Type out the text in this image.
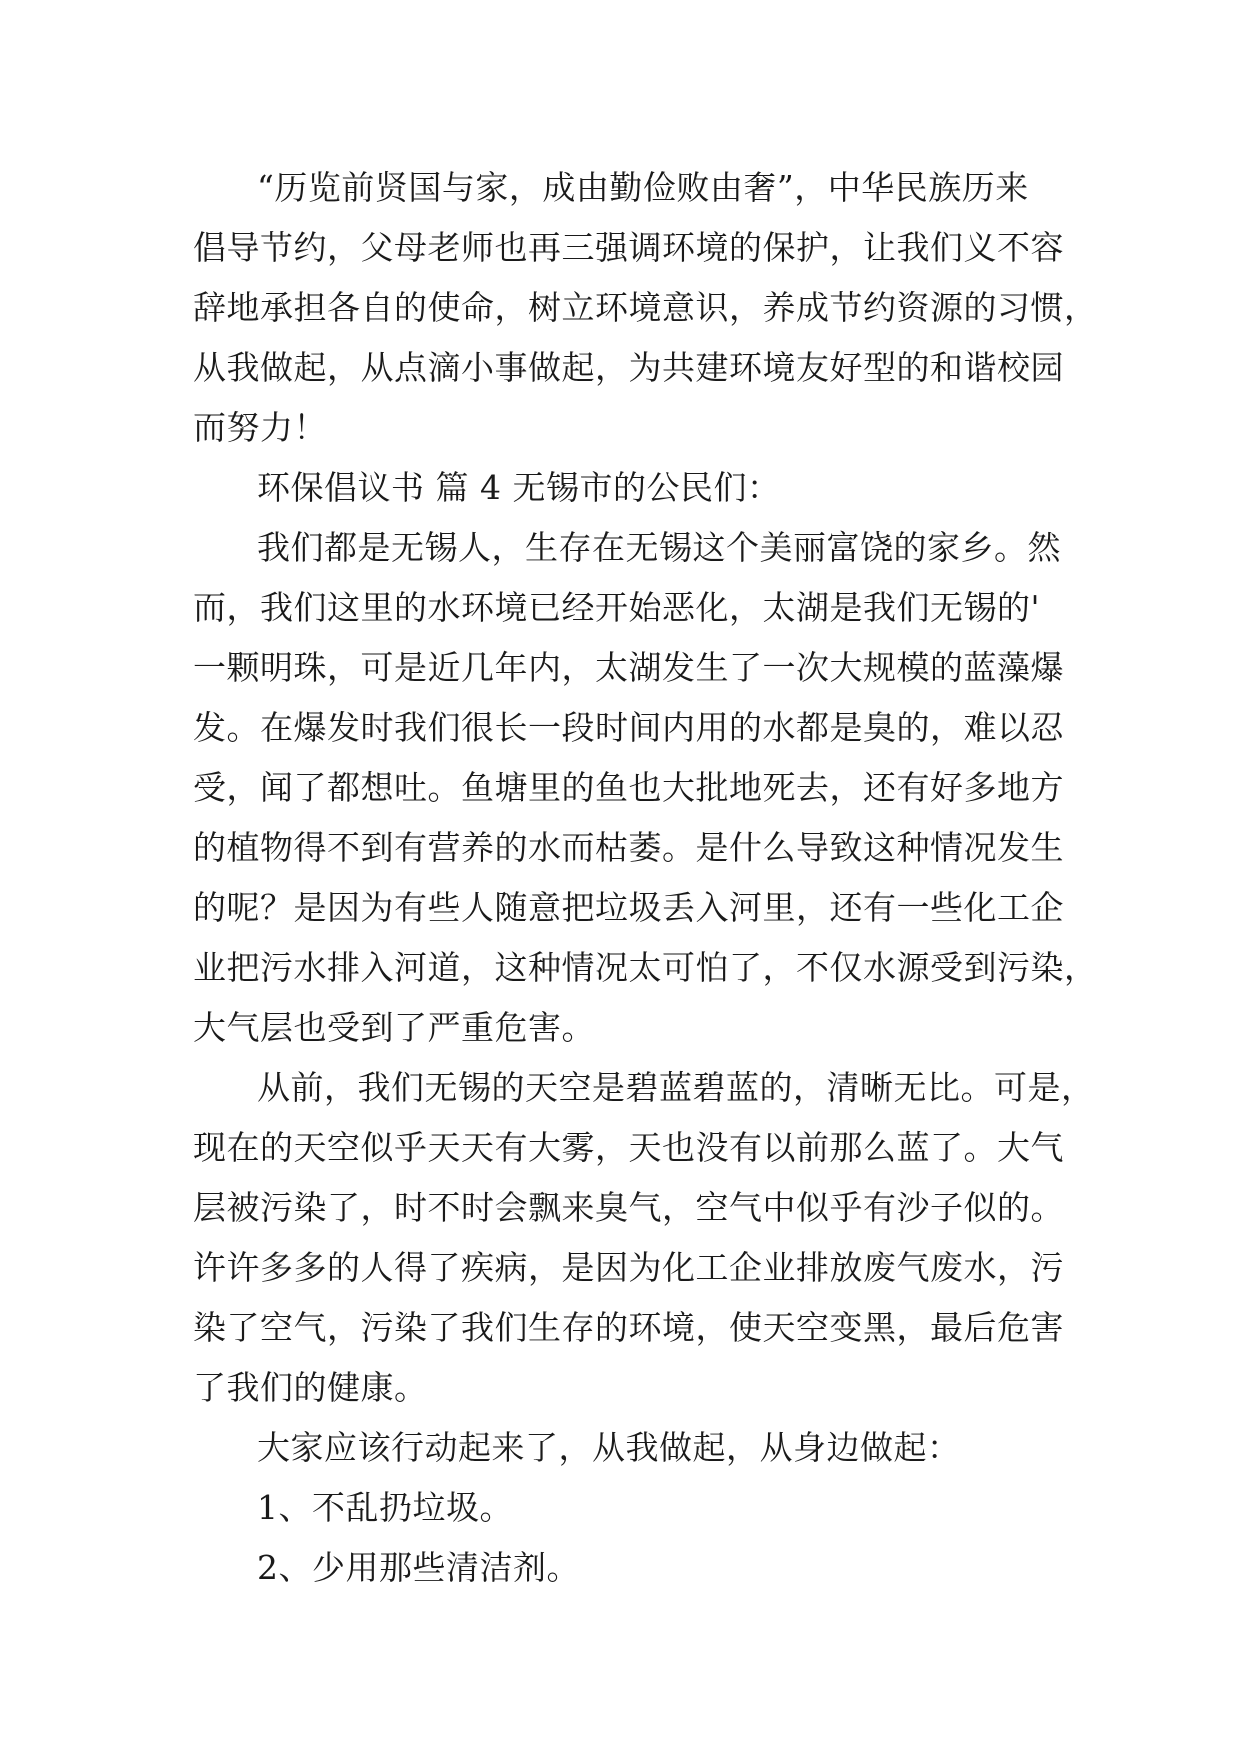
“历览前贤国与家，成由勤俭败由奢”，中华民族历来
倡导节约，父母老师也再三强调环境的保护，让我们义不容
辞地承担各自的使命，树立环境意识，养成节约资源的习惯，
从我做起，从点滴小事做起，为共建环境友好型的和谐校园
而努力！
环保倡议书 篇 4 无锡市的公民们：
我们都是无锡人，生存在无锡这个美丽富饶的家乡。然
而，我们这里的水环境已经开始恶化，太湖是我们无锡的'
一颗明珠，可是近几年内，太湖发生了一次大规模的蓝藻爆
发。在爆发时我们很长一段时间内用的水都是臭的，难以忍
受，闻了都想吐。鱼塘里的鱼也大批地死去，还有好多地方
的植物得不到有营养的水而枯萎。是什么导致这种情况发生
的呢？是因为有些人随意把垃圾丢入河里，还有一些化工企
业把污水排入河道，这种情况太可怕了，不仅水源受到污染，
大气层也受到了严重危害。
从前，我们无锡的天空是碧蓝碧蓝的，清晰无比。可是，
现在的天空似乎天天有大雾，天也没有以前那么蓝了。大气
层被污染了，时不时会飘来臭气，空气中似乎有沙子似的。
许许多多的人得了疾病，是因为化工企业排放废气废水，污
染了空气，污染了我们生存的环境，使天空变黑，最后危害
了我们的健康。
大家应该行动起来了，从我做起，从身边做起：
1、不乱扔垃圾。
2、少用那些清洁剂。
